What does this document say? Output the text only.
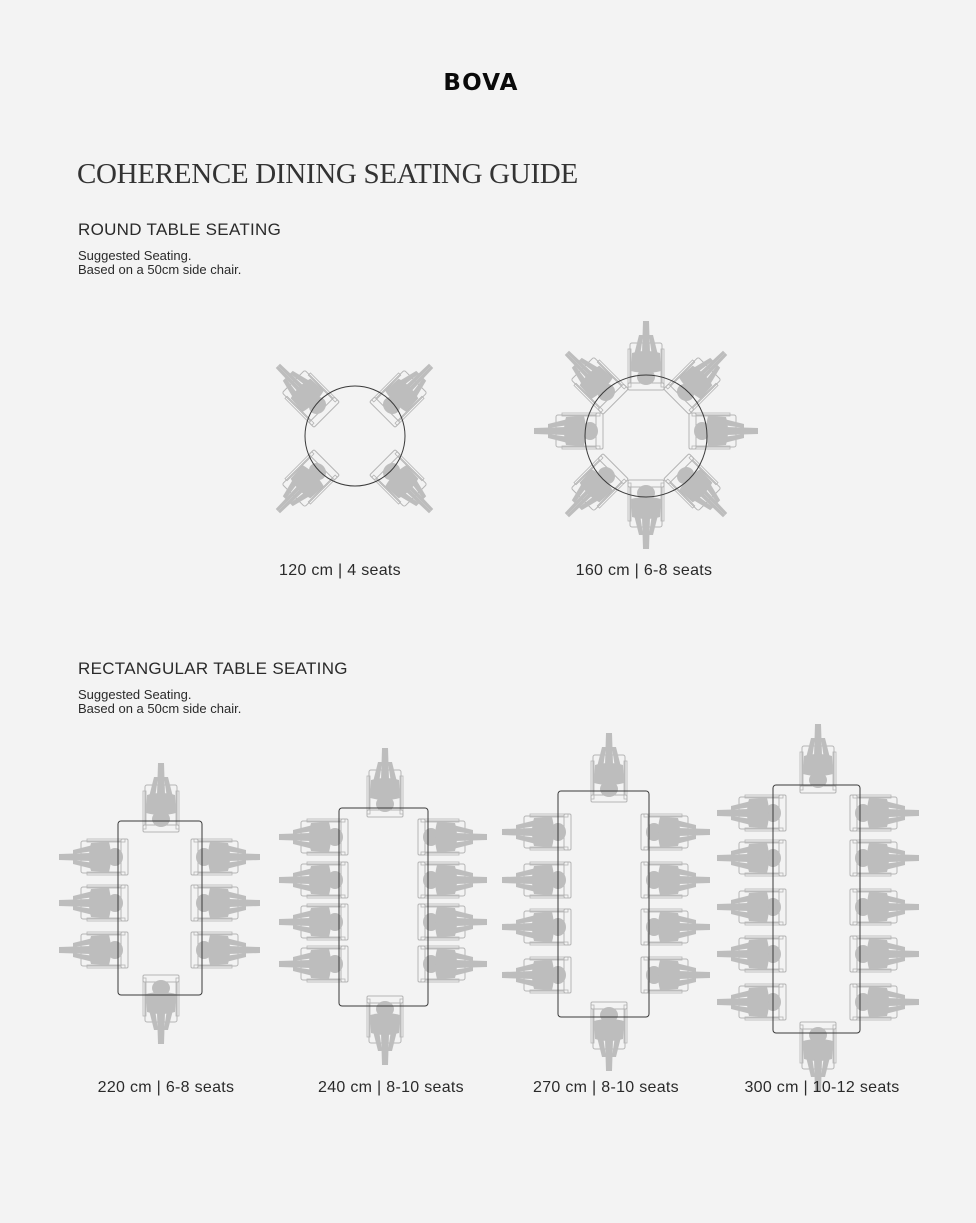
BOVA
COHERENCE DINING SEATING GUIDE
ROUND TABLE SEATING
Suggested Seating.
Based on a 50cm side chair.
RECTANGULAR TABLE SEATING
Suggested Seating.
Based on a 50cm side chair.
120 cm | 4 seats	160 cm | 6-8 seats
220 cm | 6-8 seats	240 cm | 8-10 seats	270 cm | 8-10 seats	300 cm | 10-12 seats
